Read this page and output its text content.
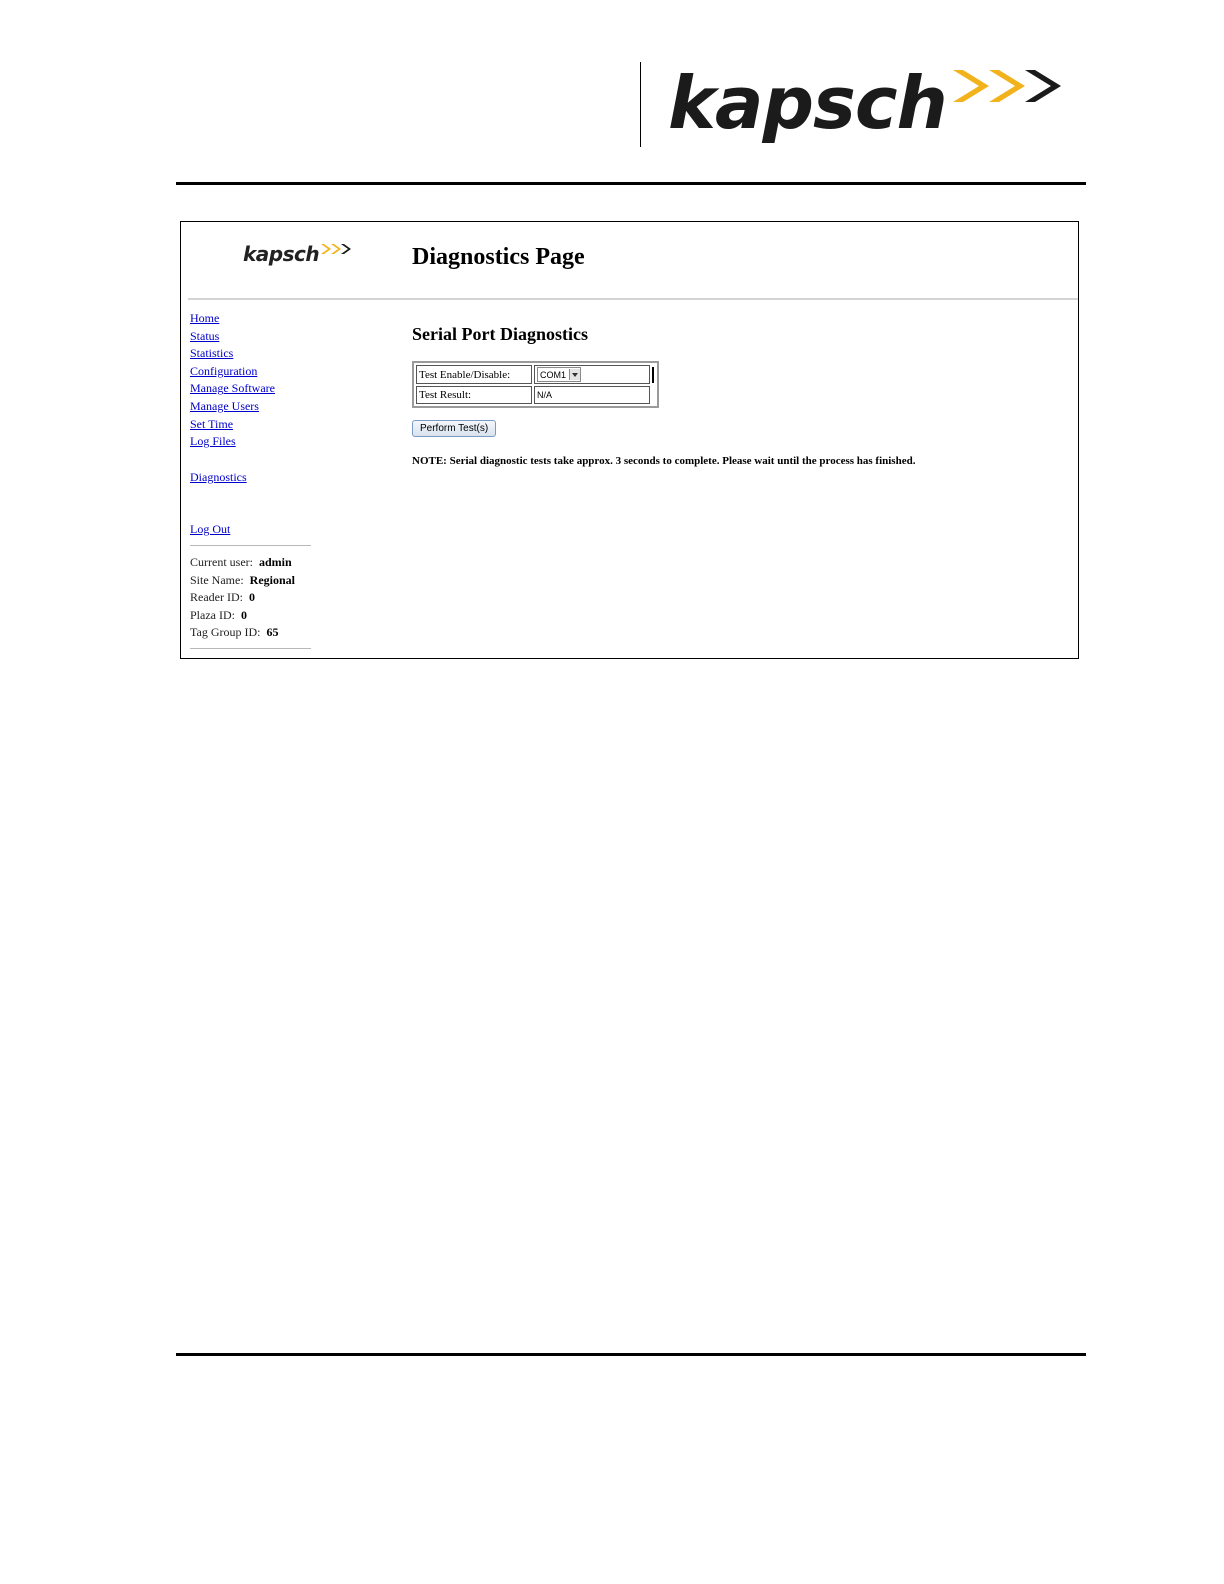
kapsch
kapsch	Diagnostics Page
Home
Status
Statistics
Configuration
Manage Software
Manage Users
Set Time
Log Files
Diagnostics
Log Out
Current user: admin
Site Name: Regional
Reader ID: 0
Plaza ID: 0
Tag Group ID: 65
Serial Port Diagnostics
Test Enable/Disable:	COM1	

Test Result:	N/A	
Perform Test(s)
NOTE: Serial diagnostic tests take approx. 3 seconds to complete. Please wait until the process has finished.
